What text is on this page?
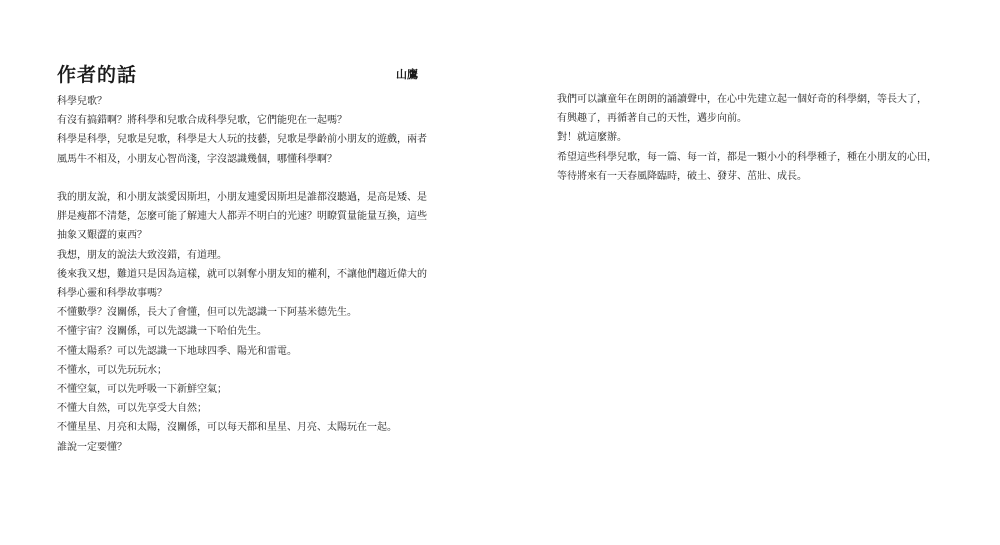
作者的話	山鷹
科學兒歌？
有沒有搞錯啊？將科學和兒歌合成科學兒歌，它們能兜在一起嗎？
科學是科學，兒歌是兒歌，科學是大人玩的技藝，兒歌是學齡前小朋友的遊戲，兩者
風馬牛不相及，小朋友心智尚淺，字沒認識幾個，哪懂科學啊？
我的朋友說，和小朋友談愛因斯坦，小朋友連愛因斯坦是誰都沒聽過，是高是矮、是
胖是瘦都不清楚，怎麼可能了解連大人都弄不明白的光速？明瞭質量能量互換，這些
抽象又艱澀的東西？
我想，朋友的說法大致沒錯，有道理。
後來我又想，難道只是因為這樣，就可以剝奪小朋友知的權利，不讓他們趨近偉大的
科學心靈和科學故事嗎？
不懂數學？沒關係，長大了會懂，但可以先認識一下阿基米德先生。
不懂宇宙？沒關係，可以先認識一下哈伯先生。
不懂太陽系？可以先認識一下地球四季、陽光和雷電。
不懂水，可以先玩玩水；
不懂空氣，可以先呼吸一下新鮮空氣；
不懂大自然，可以先享受大自然；
不懂星星、月亮和太陽，沒關係，可以每天都和星星、月亮、太陽玩在一起。
誰說一定要懂？
我們可以讓童年在朗朗的誦讀聲中，在心中先建立起一個好奇的科學網，等長大了，
有興趣了，再循著自己的天性，邁步向前。
對！就這麼辦。
希望這些科學兒歌，每一篇、每一首，都是一顆小小的科學種子，種在小朋友的心田，
等待將來有一天春風降臨時，破土、發芽、茁壯、成長。
